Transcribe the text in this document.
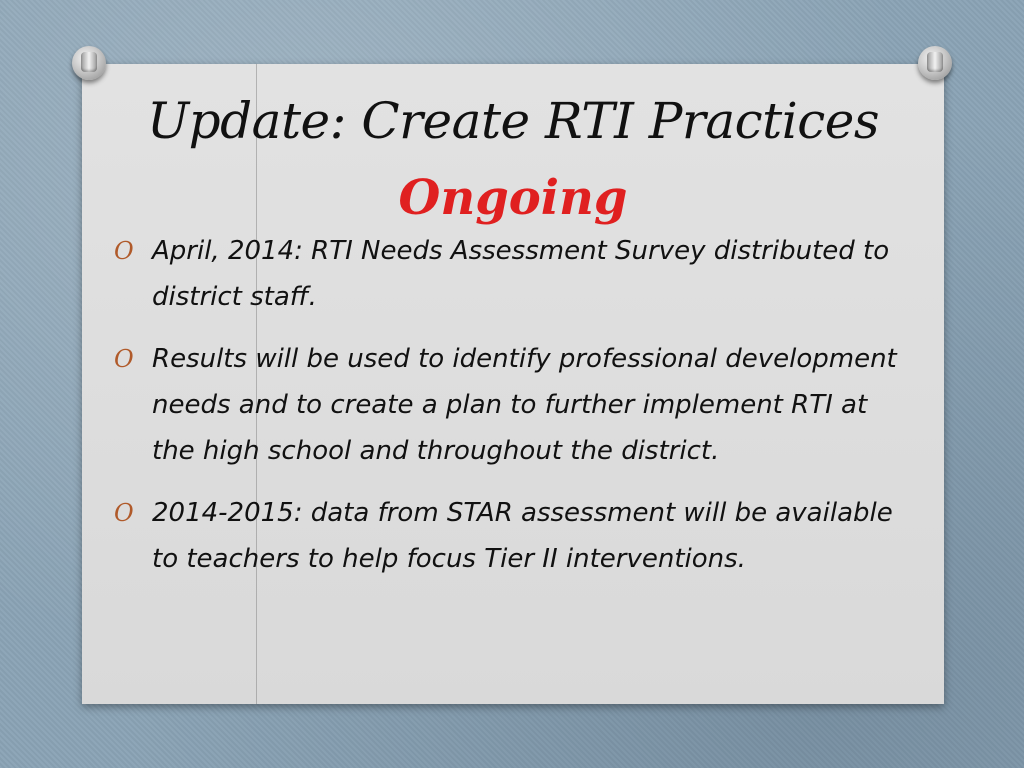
Update: Create RTI Practices
Ongoing
O April, 2014: RTI Needs Assessment Survey distributed to district staff.
O Results will be used to identify professional development needs and to create a plan to further implement RTI at the high school and throughout the district.
O 2014-2015: data from STAR assessment will be available to teachers to help focus Tier II interventions.
